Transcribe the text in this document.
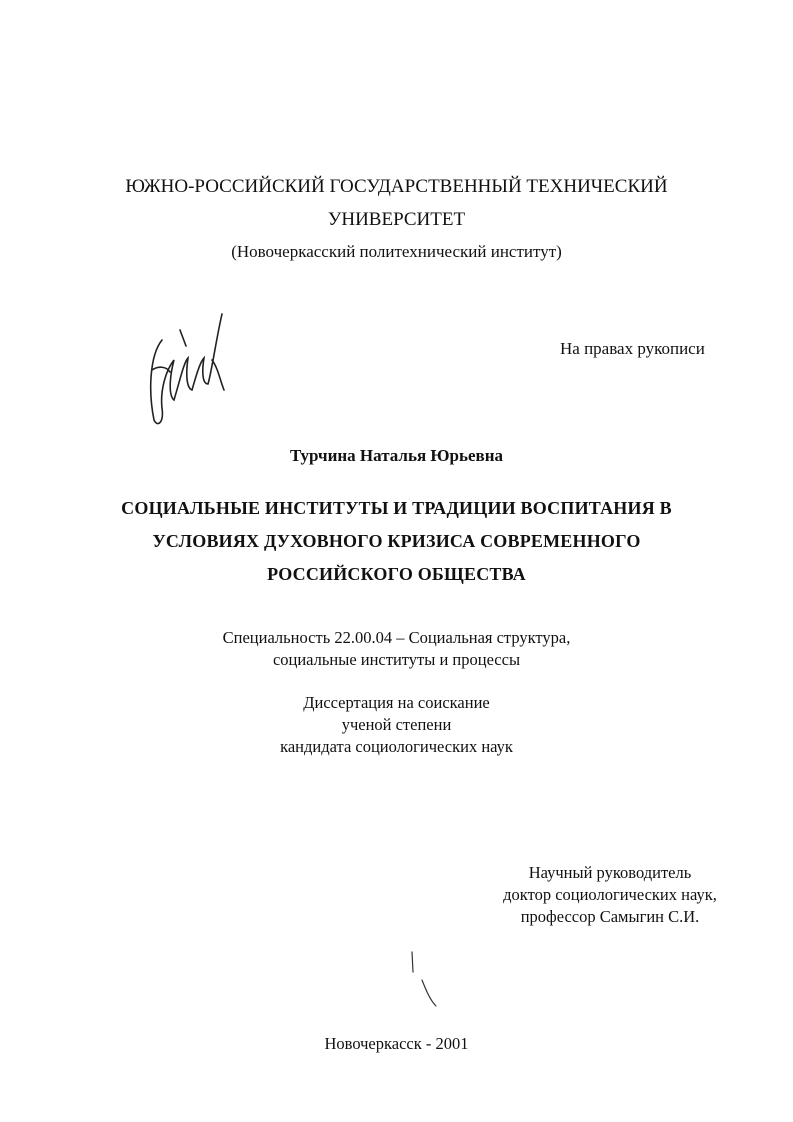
ЮЖНО-РОССИЙСКИЙ ГОСУДАРСТВЕННЫЙ ТЕХНИЧЕСКИЙ
УНИВЕРСИТЕТ
(Новочеркасский политехнический институт)
На правах рукописи
Турчина Наталья Юрьевна
СОЦИАЛЬНЫЕ ИНСТИТУТЫ И ТРАДИЦИИ ВОСПИТАНИЯ В
УСЛОВИЯХ ДУХОВНОГО КРИЗИСА СОВРЕМЕННОГО
РОССИЙСКОГО ОБЩЕСТВА
Специальность 22.00.04 – Социальная структура,
социальные институты и процессы
Диссертация на соискание
ученой степени
кандидата социологических наук
Научный руководитель
доктор социологических наук,
профессор Самыгин С.И.
Новочеркасск - 2001
